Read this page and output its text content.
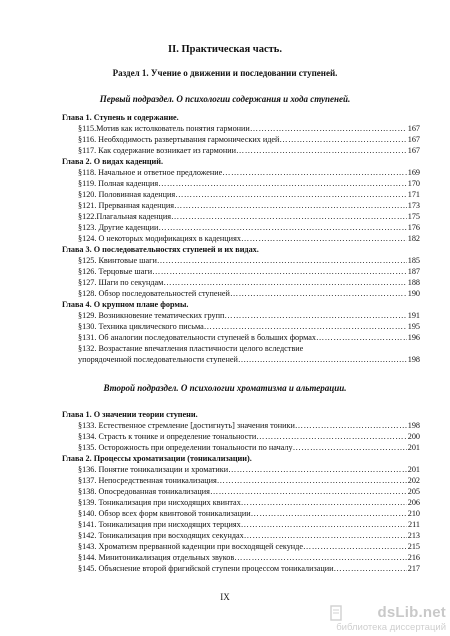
II. Практическая часть.
Раздел 1. Учение о движении и последовании ступеней.
Первый подраздел. О психологии содержания и хода ступеней.
Глава 1. Ступень и содержание.
§115.Мотив как истолкователь понятия гармонии ………………………………………………………………………………………………………………………	167
§116. Необходимость развертывания гармонических идей ………………………………………………………………………………………………………………………	167
§117. Как содержание возникает из гармонии ………………………………………………………………………………………………………………………	167
Глава 2. О видах каденций.
§118. Начальное и ответное предложение ………………………………………………………………………………………………………………………	169
§119. Полная каденция ………………………………………………………………………………………………………………………	170
§120. Половинная каденция ………………………………………………………………………………………………………………………	171
§121. Прерванная каденция ………………………………………………………………………………………………………………………	173
§122.Плагальная каденция ………………………………………………………………………………………………………………………	175
§123. Другие каденции ………………………………………………………………………………………………………………………	176
§124. О некоторых модификациях в каденциях ………………………………………………………………………………………………………………………	182
Глава 3. О последовательностях ступеней и их видах.
§125. Квинтовые шаги ………………………………………………………………………………………………………………………	185
§126. Терцовые шаги ………………………………………………………………………………………………………………………	187
§127. Шаги по секундам ………………………………………………………………………………………………………………………	188
§128. Обзор последовательностей ступеней ………………………………………………………………………………………………………………………	190
Глава 4. О крупном плане формы.
§129. Возникновение тематических групп ………………………………………………………………………………………………………………………	191
§130. Техника циклического письма ………………………………………………………………………………………………………………………	195
§131. Об аналогии последовательности ступеней в больших формах ………………………………………………………………………………………………………………………	196
§132. Возрастание впечатления пластичности целого вследствие
упорядоченной последовательности ступеней ………………………………………………………………	198
Второй подраздел. О психологии хроматизма и альтерации.
Глава 1. О значении теории ступени.
§133. Естественное стремление [достигнуть] значения тоники ………………………………………………………………………………………………………………………	198
§134. Страсть к тонике и определение тональности ………………………………………………………………………………………………………………………	200
§135. Осторожность при определении тональности по началу ………………………………………………………………………………………………………………………	201
Глава 2. Процессы хроматизации (тоникализации).
§136. Понятие тоникализации и хроматики ………………………………………………………………………………………………………………………	201
§137. Непосредственная тоникализация ………………………………………………………………………………………………………………………	202
§138. Опосредованная тоникализация ………………………………………………………………………………………………………………………	205
§139. Тоникализация при нисходящих квинтах ………………………………………………………………………………………………………………………	206
§140. Обзор всех форм квинтовой тоникализации ………………………………………………………………………………………………………………………	210
§141. Тоникализация при нисходящих терциях ………………………………………………………………………………………………………………………	211
§142. Тоникализация при восходящих секундах ………………………………………………………………………………………………………………………	213
§143. Хроматизм прерванной каденции при восходящей секунде ………………………………………………………………………………………………………………………	215
§144. Минитоникализация отдельных звуков ………………………………………………………………………………………………………………………	216
§145. Объяснение второй фригийской ступени процессом тоникализации ………………………………………………………………………………………………………………………	217
IX
dsLib.net
библиотека диссертаций
